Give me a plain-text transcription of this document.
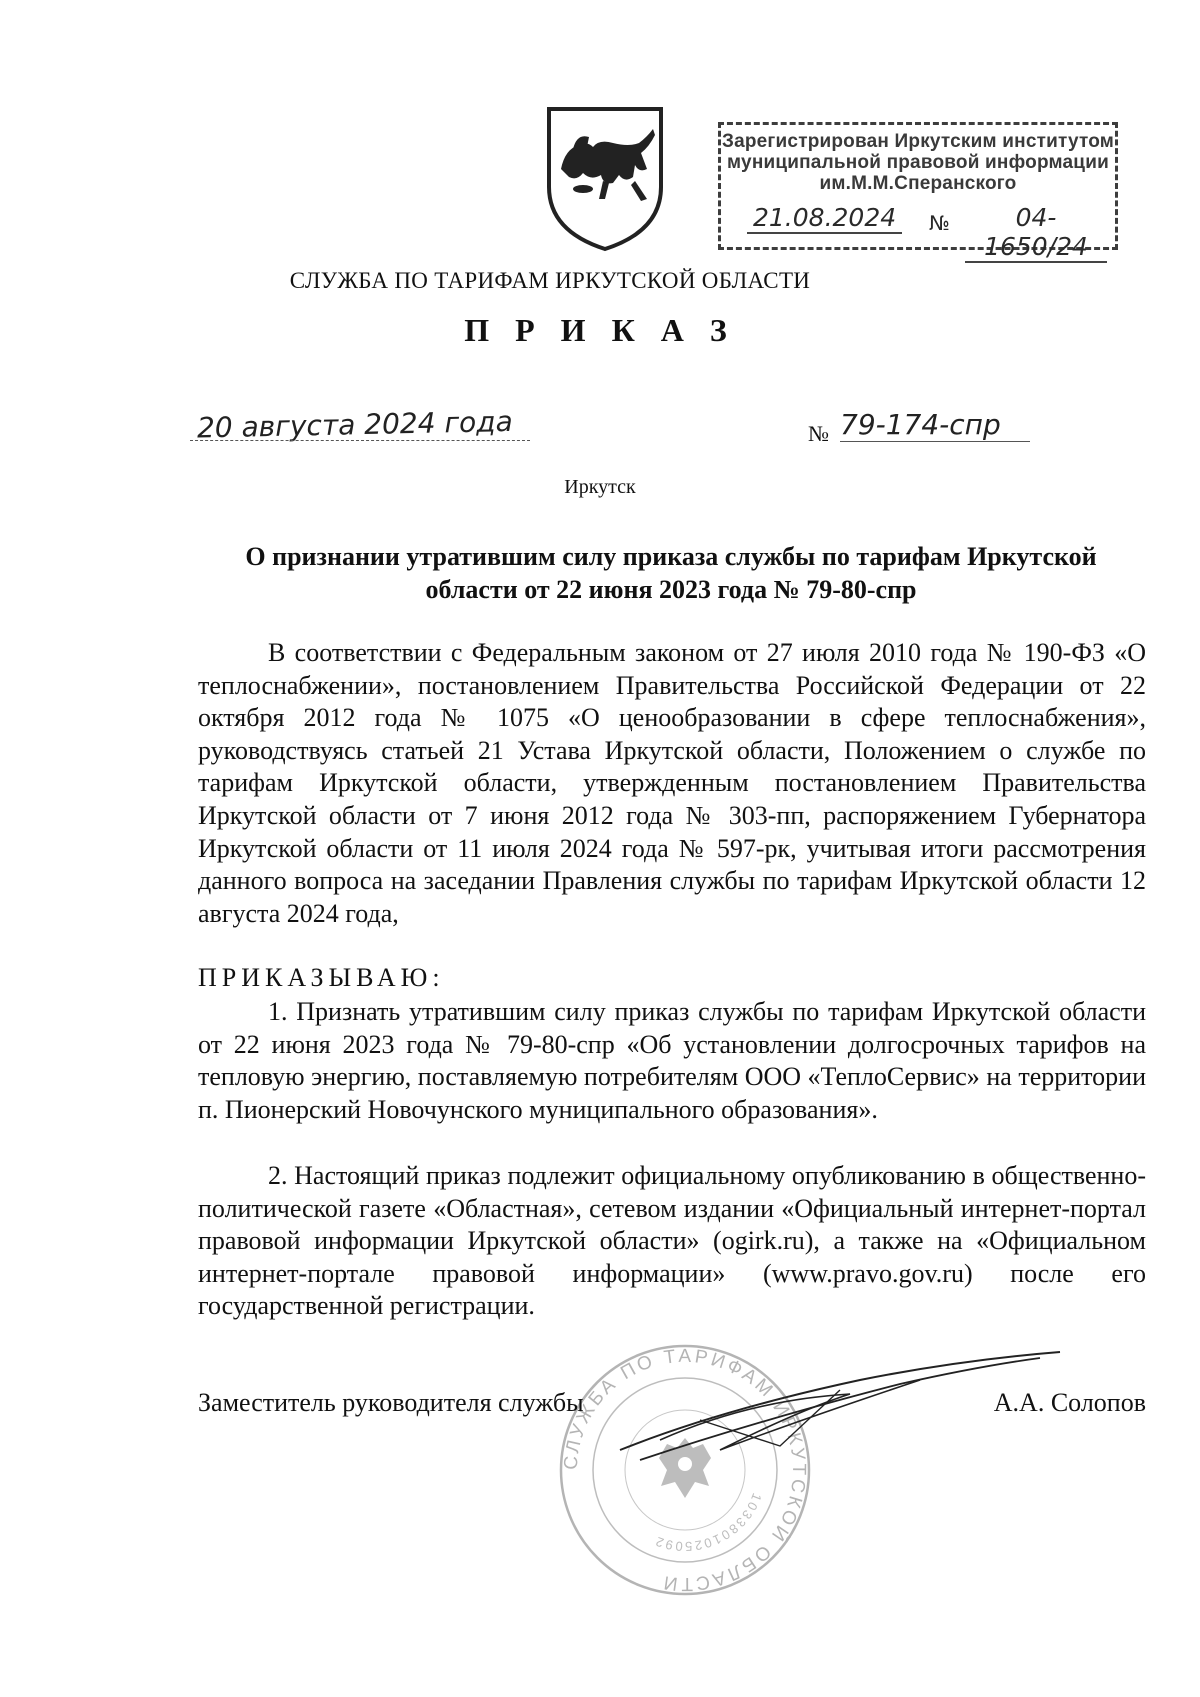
Зарегистрирован Иркутским институтом
муниципальной правовой информации
им.М.М.Сперанского
21.08.2024	№	04-1650/24
СЛУЖБА ПО ТАРИФАМ ИРКУТСКОЙ ОБЛАСТИ
П Р И К А З
20 августа 2024 года	№ 79-174-спр
Иркутск
О признании утратившим силу приказа службы по тарифам Иркутской
области от 22 июня 2023 года № 79-80-спр
В соответствии с Федеральным законом от 27 июля 2010 года № 190-ФЗ «О теплоснабжении», постановлением Правительства Российской Федерации от 22 октября 2012 года № 1075 «О ценообразовании в сфере теплоснабжения», руководствуясь статьей 21 Устава Иркутской области, Положением о службе по тарифам Иркутской области, утвержденным постановлением Правительства Иркутской области от 7 июня 2012 года № 303-пп, распоряжением Губернатора Иркутской области от 11 июля 2024 года № 597-рк, учитывая итоги рассмотрения данного вопроса на заседании Правления службы по тарифам Иркутской области 12 августа 2024 года,
ПРИКАЗЫВАЮ:
1. Признать утратившим силу приказ службы по тарифам Иркутской области от 22 июня 2023 года № 79-80-спр «Об установлении долгосрочных тарифов на тепловую энергию, поставляемую потребителям ООО «ТеплоСервис» на территории п. Пионерский Новочунского муниципального образования».
2. Настоящий приказ подлежит официальному опубликованию в общественно-политической газете «Областная», сетевом издании «Официальный интернет-портал правовой информации Иркутской области» (ogirk.ru), а также на «Официальном интернет-портале правовой информации» (www.pravo.gov.ru) после его государственной регистрации.
СЛУЖБА ПО ТАРИФАМ ИРКУТСКОЙ ОБЛАСТИ
1033801025092
Заместитель руководителя службы	А.А. Солопов
